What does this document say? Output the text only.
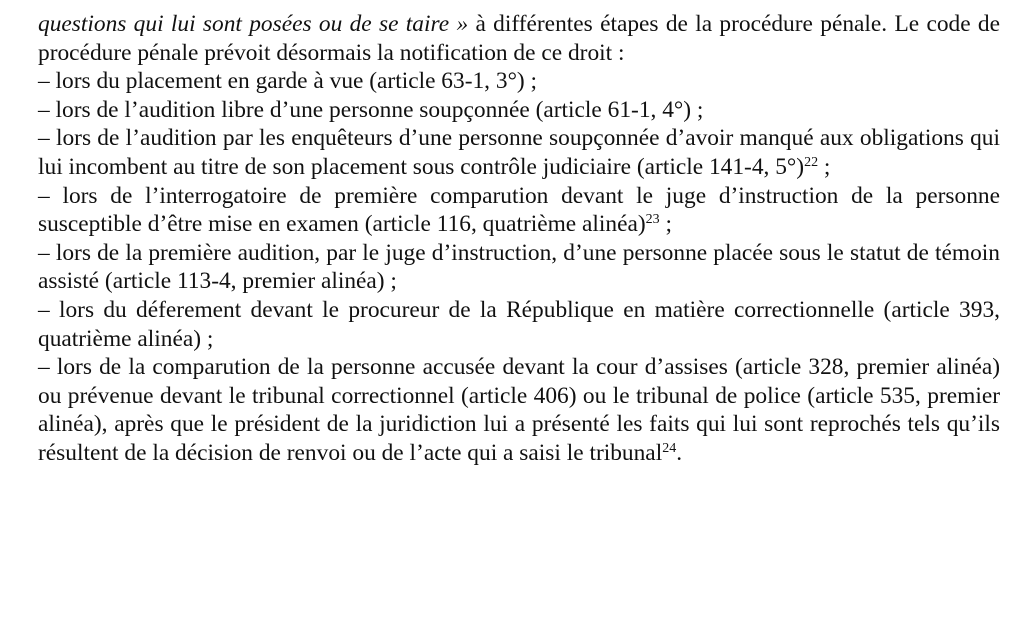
questions qui lui sont posées ou de se taire » à différentes étapes de la procédure pénale. Le code de procédure pénale prévoit désormais la notification de ce droit :

– lors du placement en garde à vue (article 63-1, 3°) ;

– lors de l’audition libre d’une personne soupçonnée (article 61-1, 4°) ;

– lors de l’audition par les enquêteurs d’une personne soupçonnée d’avoir manqué aux obligations qui lui incombent au titre de son placement sous contrôle judiciaire (article 141-4, 5°)$^{22}$ ;

– lors de l’interrogatoire de première comparution devant le juge d’instruction de la personne susceptible d’être mise en examen (article 116, quatrième alinéa)$^{23}$ ;

– lors de la première audition, par le juge d’instruction, d’une personne placée sous le statut de témoin assisté (article 113-4, premier alinéa) ;

– lors du déferement devant le procureur de la République en matière correctionnelle (article 393, quatrième alinéa) ;

– lors de la comparution de la personne accusée devant la cour d’assises (article 328, premier alinéa) ou prévenue devant le tribunal correctionnel (article 406) ou le tribunal de police (article 535, premier alinéa), après que le président de la juridiction lui a présenté les faits qui lui sont reprochés tels qu’ils résultent de la décision de renvoi ou de l’acte qui a saisi le tribunal$^{24}$.
